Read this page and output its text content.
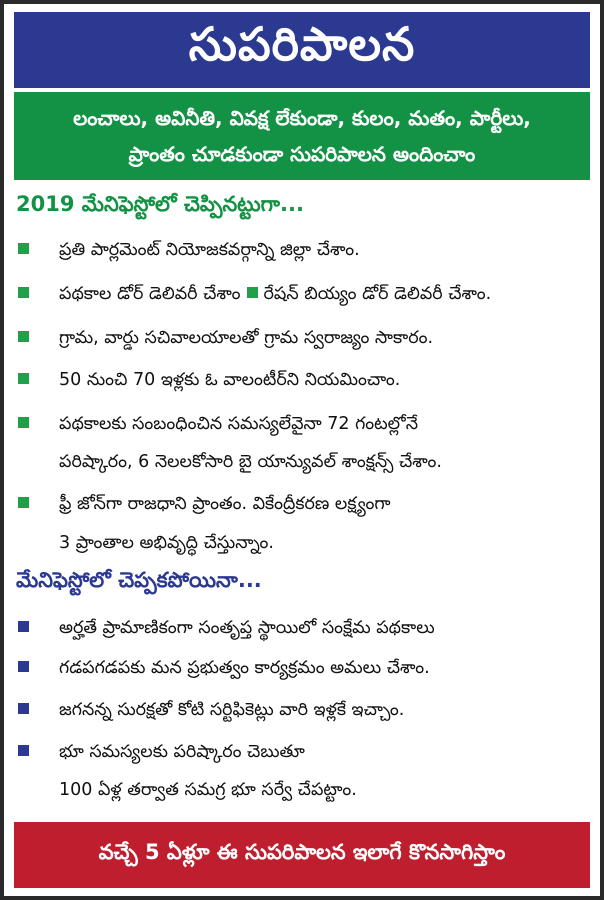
సుపరిపాలన
లంచాలు, అవినీతి, వివక్ష లేకుండా, కులం, మతం, పార్టీలు,
ప్రాంతం చూడకుండా సుపరిపాలన అందించాం
2019 మేనిఫెస్టోలో చెప్పినట్టుగా...
ప్రతి పార్లమెంట్ నియోజకవర్గాన్ని జిల్లా చేశాం.
పథకాల డోర్ డెలివరీ చేశాం రేషన్ బియ్యం డోర్ డెలివరీ చేశాం.
గ్రామ, వార్డు సచివాలయాలతో గ్రామ స్వరాజ్యం సాకారం.
50 నుంచి 70 ఇళ్లకు ఓ వాలంటీర్‌ని నియమించాం.
పథకాలకు సంబంధించిన సమస్యలేవైనా 72 గంటల్లోనే
పరిష్కారం, 6 నెలలకోసారి బై యాన్యువల్ శాంక్షన్స్ చేశాం.
ఫ్రీ జోన్‌గా రాజధాని ప్రాంతం. వికేంద్రీకరణ లక్ష్యంగా
3 ప్రాంతాల అభివృద్ధి చేస్తున్నాం.
మేనిఫెస్టోలో చెప్పకపోయినా...
అర్హతే ప్రామాణికంగా సంతృప్త స్థాయిలో సంక్షేమ పథకాలు
గడపగడపకు మన ప్రభుత్వం కార్యక్రమం అమలు చేశాం.
జగనన్న సురక్షతో కోటి సర్టిఫికెట్లు వారి ఇళ్లకే ఇచ్చాం.
భూ సమస్యలకు పరిష్కారం చెబుతూ
100 ఏళ్ల తర్వాత సమగ్ర భూ సర్వే చేపట్టాం.
వచ్చే 5 ఏళ్లూ ఈ సుపరిపాలన ఇలాగే కొనసాగిస్తాం
